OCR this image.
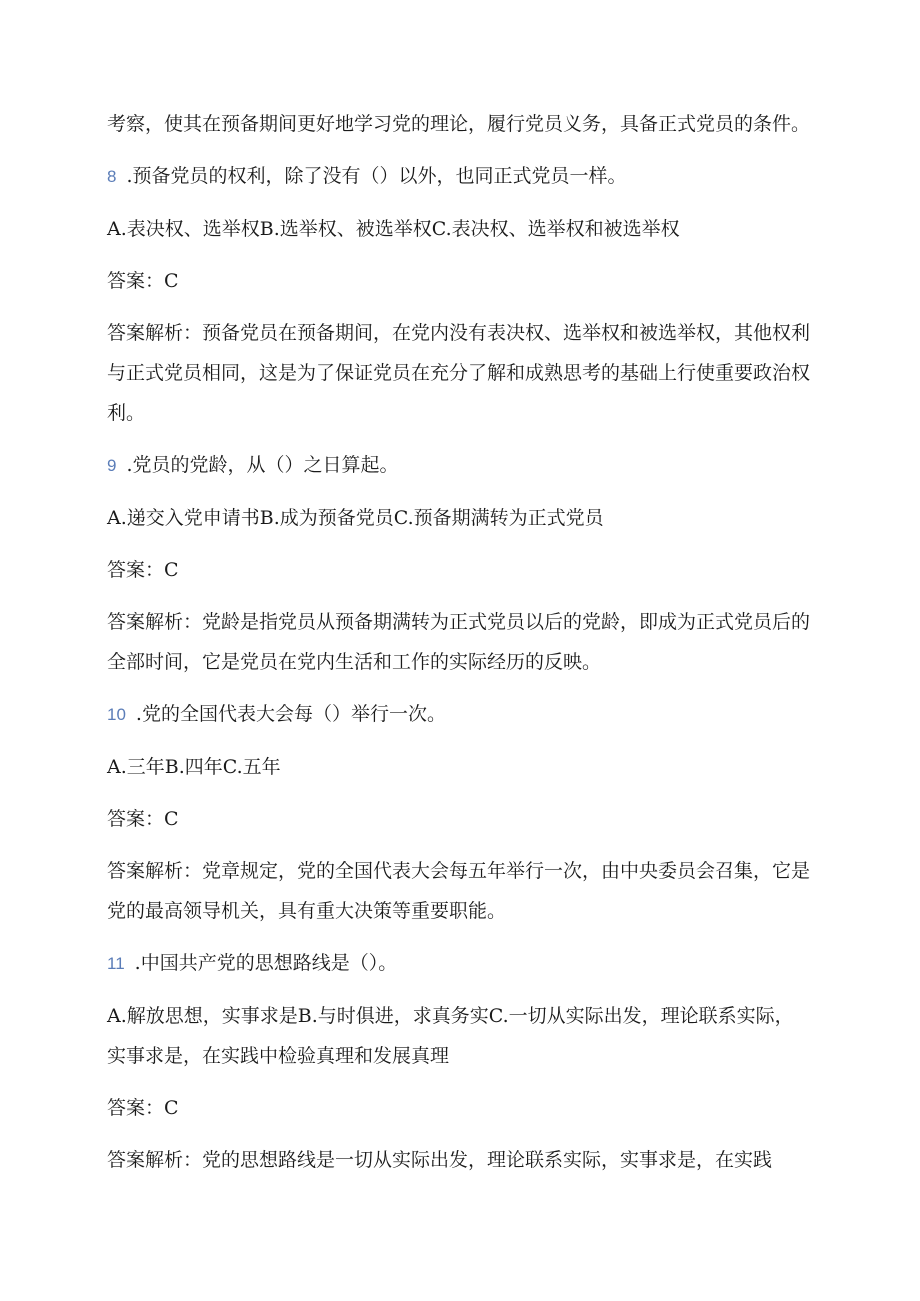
考察，使其在预备期间更好地学习党的理论，履行党员义务，具备正式党员的条件。

8 .预备党员的权利，除了没有（）以外，也同正式党员一样。

A.表决权、选举权B.选举权、被选举权C.表决权、选举权和被选举权

答案：C

答案解析：预备党员在预备期间，在党内没有表决权、选举权和被选举权，其他权利与正式党员相同，这是为了保证党员在充分了解和成熟思考的基础上行使重要政治权利。

9 .党员的党龄，从（）之日算起。

A.递交入党申请书B.成为预备党员C.预备期满转为正式党员

答案：C

答案解析：党龄是指党员从预备期满转为正式党员以后的党龄，即成为正式党员后的全部时间，它是党员在党内生活和工作的实际经历的反映。

10 .党的全国代表大会每（）举行一次。

A.三年B.四年C.五年

答案：C

答案解析：党章规定，党的全国代表大会每五年举行一次，由中央委员会召集，它是党的最高领导机关，具有重大决策等重要职能。

11 .中国共产党的思想路线是（）。

A.解放思想，实事求是B.与时俱进，求真务实C.一切从实际出发，理论联系实际，实事求是，在实践中检验真理和发展真理

答案：C

答案解析：党的思想路线是一切从实际出发，理论联系实际，实事求是，在实践
